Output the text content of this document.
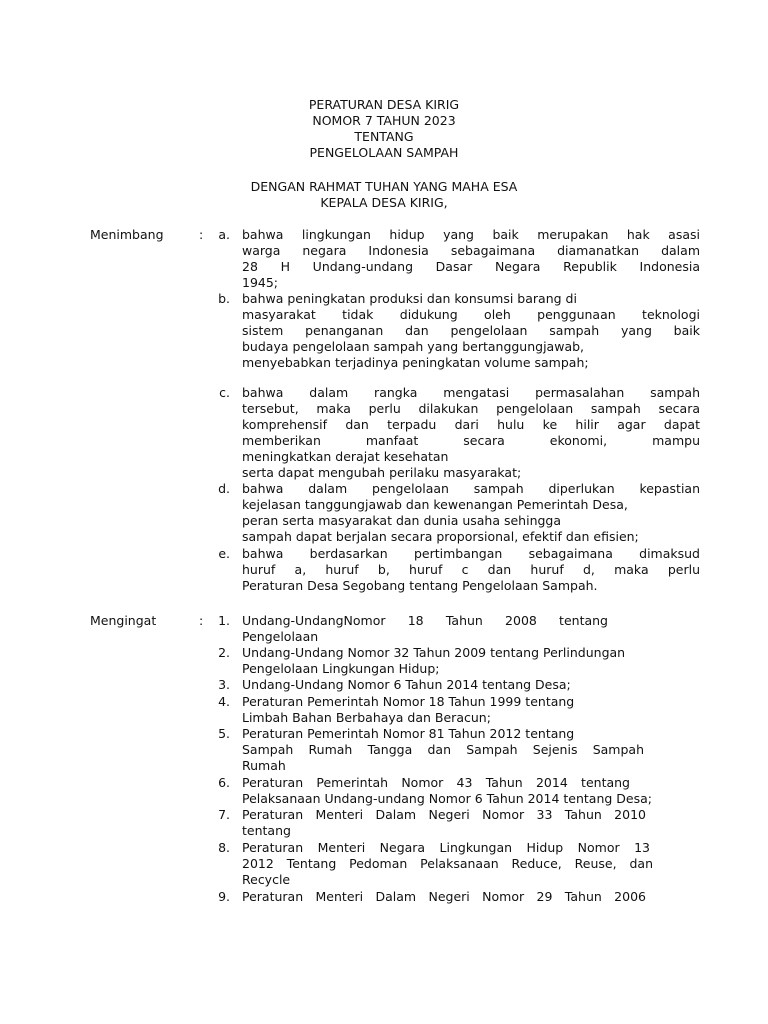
PERATURAN DESA KIRIG
NOMOR 7 TAHUN 2023
TENTANG
PENGELOLAAN SAMPAH
DENGAN RAHMAT TUHAN YANG MAHA ESA
KEPALA DESA KIRIG,
Menimbang	:	a. bahwa lingkungan hidup yang baik merupakan hak asasi
warga negara Indonesia sebagaimana diamanatkan dalam
28 H Undang-undang Dasar Negara Republik Indonesia
1945;
b. bahwa peningkatan produksi dan konsumsi barang di
masyarakat tidak didukung oleh penggunaan teknologi
sistem penanganan dan pengelolaan sampah yang baik
budaya pengelolaan sampah yang bertanggungjawab,
menyebabkan terjadinya peningkatan volume sampah;
c. bahwa dalam rangka mengatasi permasalahan sampah
tersebut, maka perlu dilakukan pengelolaan sampah secara
komprehensif dan terpadu dari hulu ke hilir agar dapat
memberikan manfaat secara ekonomi, mampu
meningkatkan derajat kesehatan
serta dapat mengubah perilaku masyarakat;
d. bahwa dalam pengelolaan sampah diperlukan kepastian
kejelasan tanggungjawab dan kewenangan Pemerintah Desa,
peran serta masyarakat dan dunia usaha sehingga
sampah dapat berjalan secara proporsional, efektif dan efisien;
e. bahwa berdasarkan pertimbangan sebagaimana dimaksud
huruf a, huruf b, huruf c dan huruf d, maka perlu
Peraturan Desa Segobang tentang Pengelolaan Sampah.
Mengingat	:	1. Undang-UndangNomor 18 Tahun 2008 tentang
Pengelolaan
2. Undang-Undang Nomor 32 Tahun 2009 tentang Perlindungan
Pengelolaan Lingkungan Hidup;
3. Undang-Undang Nomor 6 Tahun 2014 tentang Desa;
4. Peraturan Pemerintah Nomor 18 Tahun 1999 tentang
Limbah Bahan Berbahaya dan Beracun;
5. Peraturan Pemerintah Nomor 81 Tahun 2012 tentang
Sampah Rumah Tangga dan Sampah Sejenis Sampah
Rumah
6. Peraturan Pemerintah Nomor 43 Tahun 2014 tentang
Pelaksanaan Undang-undang Nomor 6 Tahun 2014 tentang Desa;
7. Peraturan Menteri Dalam Negeri Nomor 33 Tahun 2010
tentang
8. Peraturan Menteri Negara Lingkungan Hidup Nomor 13
2012 Tentang Pedoman Pelaksanaan Reduce, Reuse, dan
Recycle
9. Peraturan Menteri Dalam Negeri Nomor 29 Tahun 2006
